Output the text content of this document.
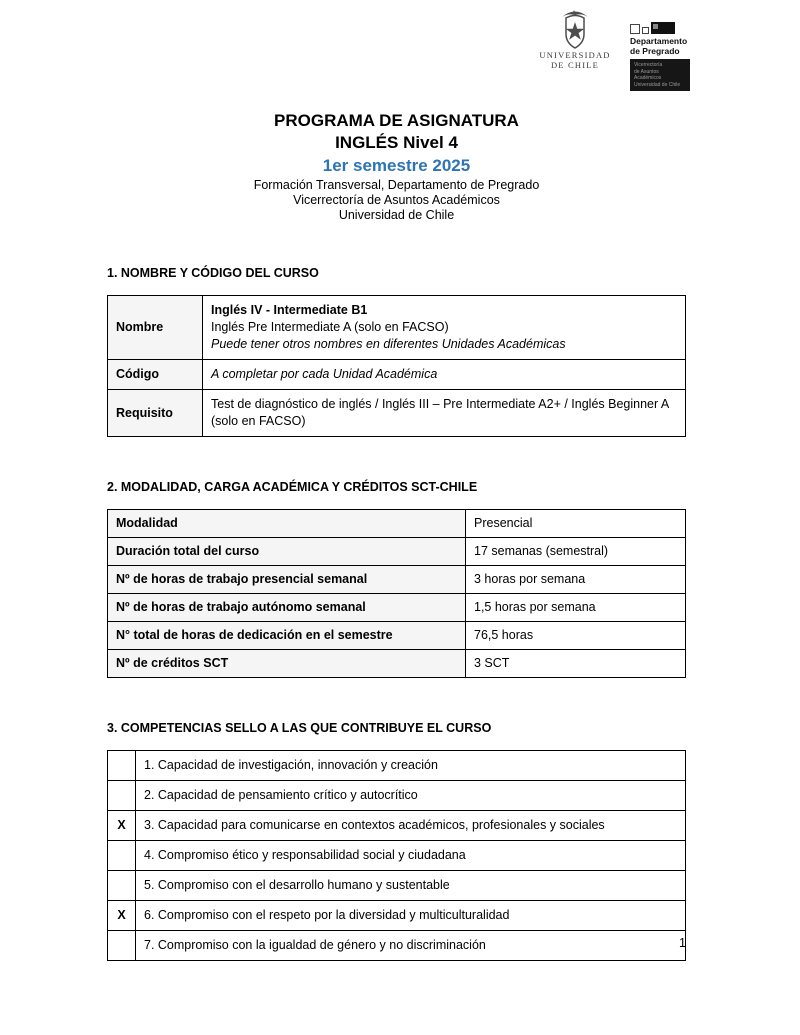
UNIVERSIDAD
DE CHILE
Departamento
de Pregrado
Vicerrectoría
de Asuntos Académicos
Universidad de Chile
PROGRAMA DE ASIGNATURA
INGLÉS Nivel 4
1er semestre 2025
Formación Transversal, Departamento de Pregrado
Vicerrectoría de Asuntos Académicos
Universidad de Chile
1. NOMBRE Y CÓDIGO DEL CURSO
Nombre	Inglés IV - Intermediate B1
Inglés Pre Intermediate A (solo en FACSO)
Puede tener otros nombres en diferentes Unidades Académicas

Código	A completar por cada Unidad Académica
Requisito	Test de diagnóstico de inglés / Inglés III – Pre Intermediate A2+ / Inglés Beginner A (solo en FACSO)
2. MODALIDAD, CARGA ACADÉMICA Y CRÉDITOS SCT-CHILE
Modalidad	Presencial
Duración total del curso	17 semanas (semestral)
Nº de horas de trabajo presencial semanal	3 horas por semana
Nº de horas de trabajo autónomo semanal	1,5 horas por semana
N° total de horas de dedicación en el semestre	76,5 horas
Nº de créditos SCT	3 SCT
3. COMPETENCIAS SELLO A LAS QUE CONTRIBUYE EL CURSO
	1. Capacidad de investigación, innovación y creación
	2. Capacidad de pensamiento crítico y autocrítico
X	3. Capacidad para comunicarse en contextos académicos, profesionales y sociales
	4. Compromiso ético y responsabilidad social y ciudadana
	5. Compromiso con el desarrollo humano y sustentable
X	6. Compromiso con el respeto por la diversidad y multiculturalidad
	7. Compromiso con la igualdad de género y no discriminación	1
